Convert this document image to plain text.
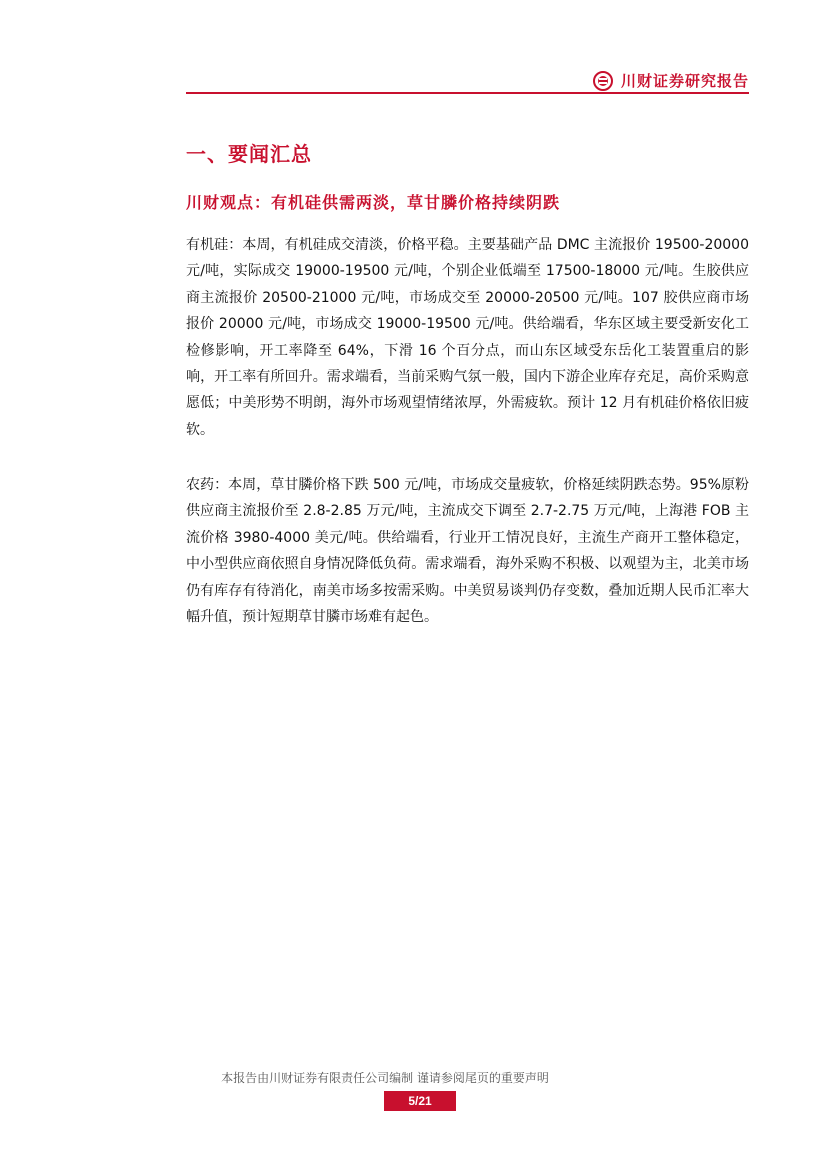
川财证券研究报告
一、要闻汇总
川财观点：有机硅供需两淡，草甘膦价格持续阴跌

有机硅：本周，有机硅成交清淡，价格平稳。主要基础产品 DMC 主流报价 19500-20000 元/吨，实际成交 19000-19500 元/吨，个别企业低端至 17500-18000 元/吨。生胶供应商主流报价 20500-21000 元/吨，市场成交至 20000-20500 元/吨。107 胶供应商市场报价 20000 元/吨，市场成交 19000-19500 元/吨。供给端看，华东区域主要受新安化工检修影响，开工率降至 64%，下滑 16 个百分点，而山东区域受东岳化工装置重启的影响，开工率有所回升。需求端看，当前采购气氛一般，国内下游企业库存充足，高价采购意愿低；中美形势不明朗，海外市场观望情绪浓厚，外需疲软。预计 12 月有机硅价格依旧疲软。

农药：本周，草甘膦价格下跌 500 元/吨，市场成交量疲软，价格延续阴跌态势。95%原粉供应商主流报价至 2.8-2.85 万元/吨，主流成交下调至 2.7-2.75 万元/吨，上海港 FOB 主流价格 3980-4000 美元/吨。供给端看，行业开工情况良好，主流生产商开工整体稳定，中小型供应商依照自身情况降低负荷。需求端看，海外采购不积极、以观望为主，北美市场仍有库存有待消化，南美市场多按需采购。中美贸易谈判仍存变数，叠加近期人民币汇率大幅升值，预计短期草甘膦市场难有起色。

本报告由川财证券有限责任公司编制 谨请参阅尾页的重要声明
5/21
